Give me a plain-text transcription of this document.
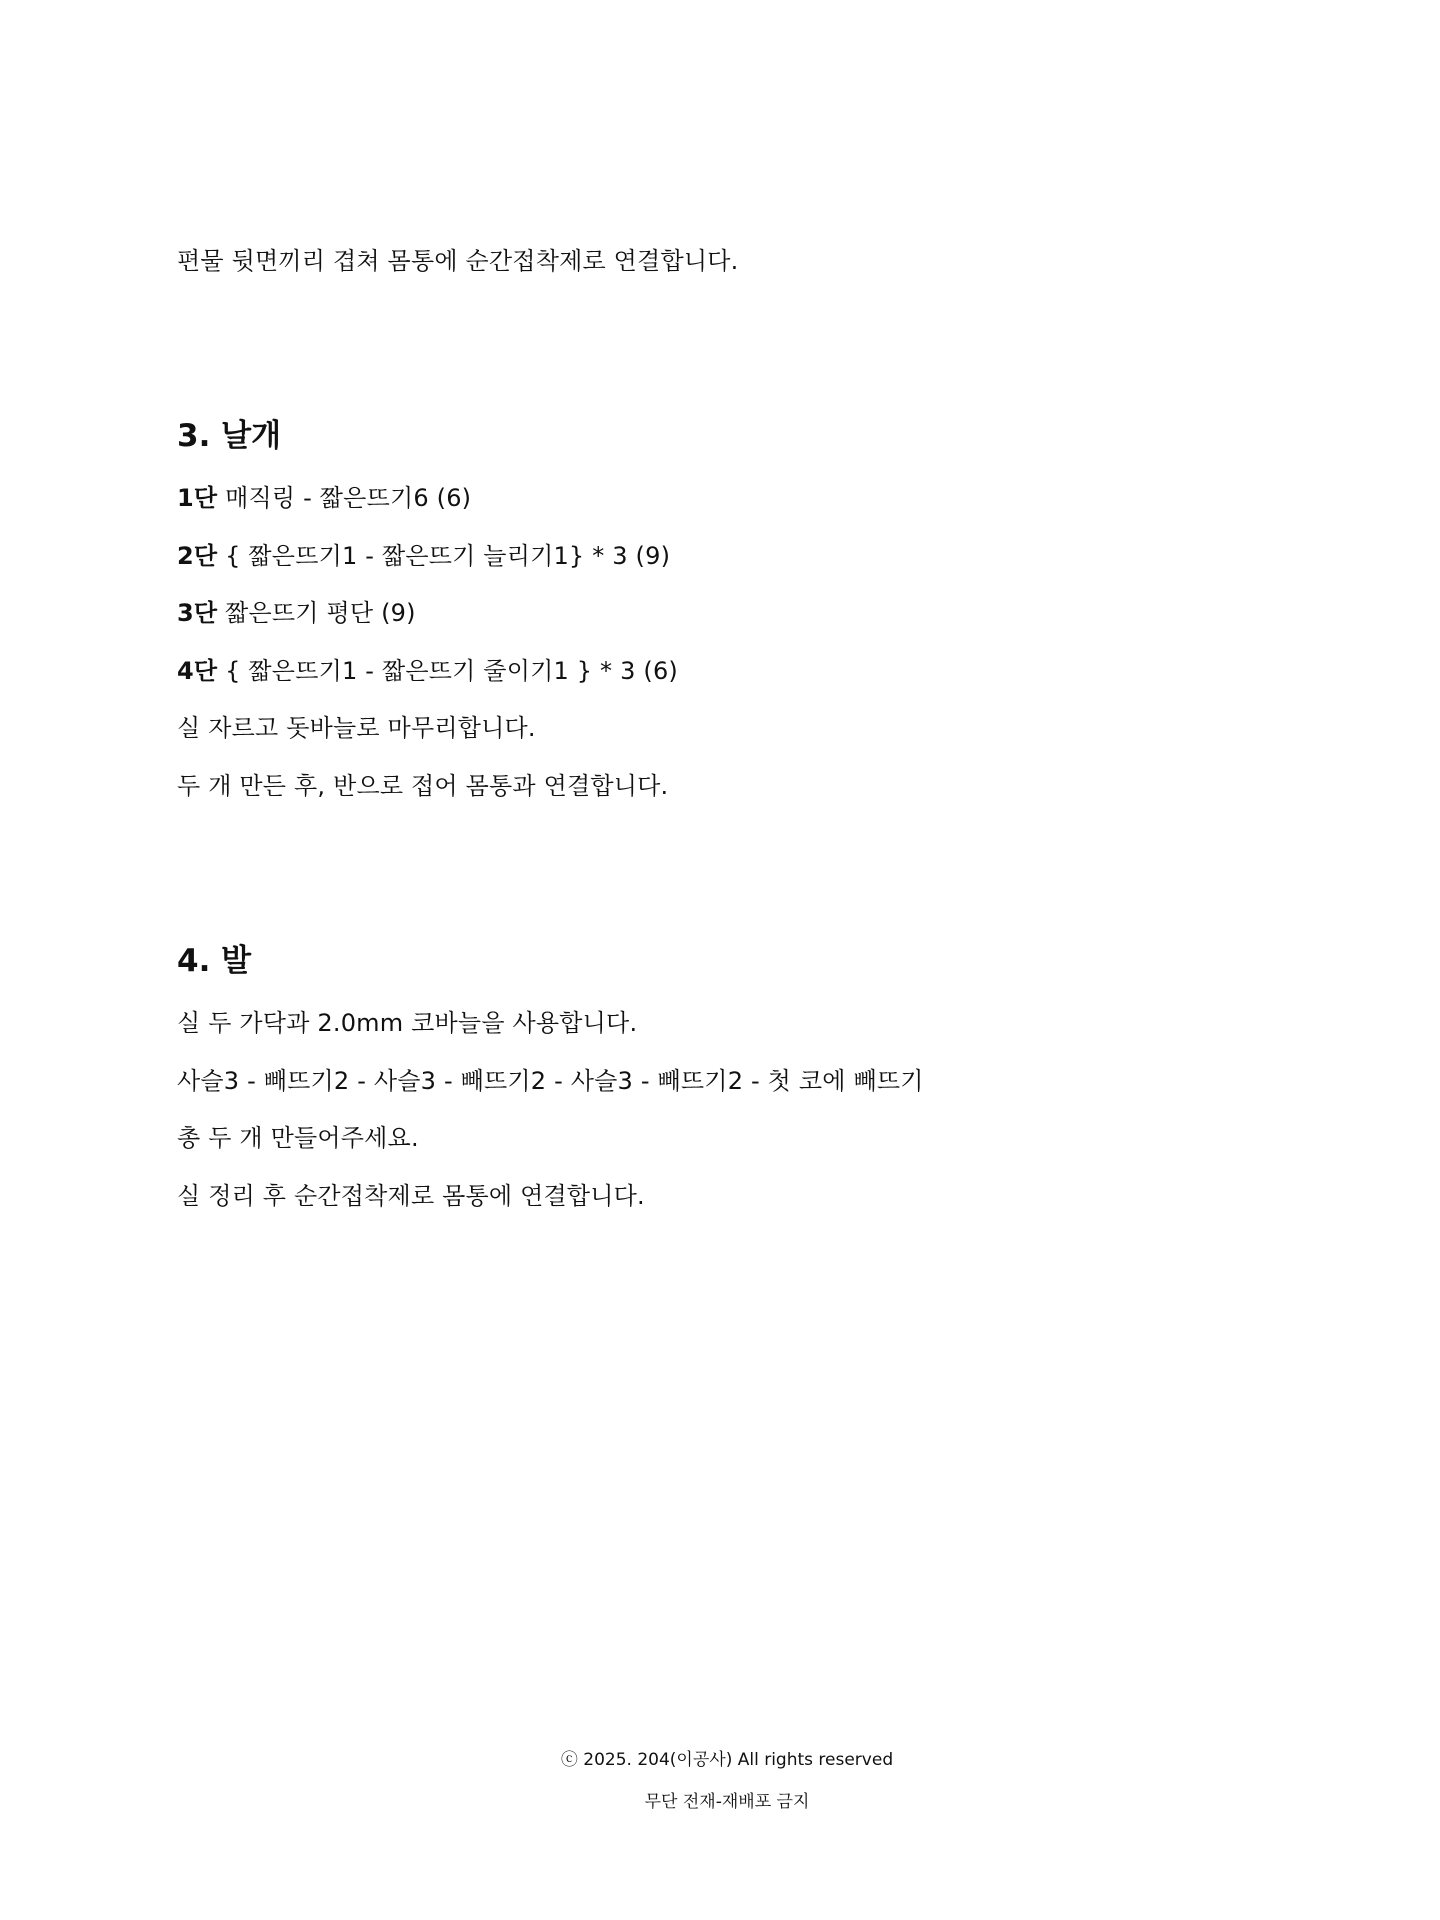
편물 뒷면끼리 겹쳐 몸통에 순간접착제로 연결합니다.
3. 날개
1단 매직링 - 짧은뜨기6 (6)
2단 { 짧은뜨기1 - 짧은뜨기 늘리기1} * 3 (9)
3단 짧은뜨기 평단 (9)
4단 { 짧은뜨기1 - 짧은뜨기 줄이기1 } * 3 (6)
실 자르고 돗바늘로 마무리합니다.
두 개 만든 후, 반으로 접어 몸통과 연결합니다.
4. 발
실 두 가닥과 2.0mm 코바늘을 사용합니다.
사슬3 - 빼뜨기2 - 사슬3 - 빼뜨기2 - 사슬3 - 빼뜨기2 - 첫 코에 빼뜨기
총 두 개 만들어주세요.
실 정리 후 순간접착제로 몸통에 연결합니다.
ⓒ 2025. 204(이공사) All rights reserved
무단 전재-재배포 금지
